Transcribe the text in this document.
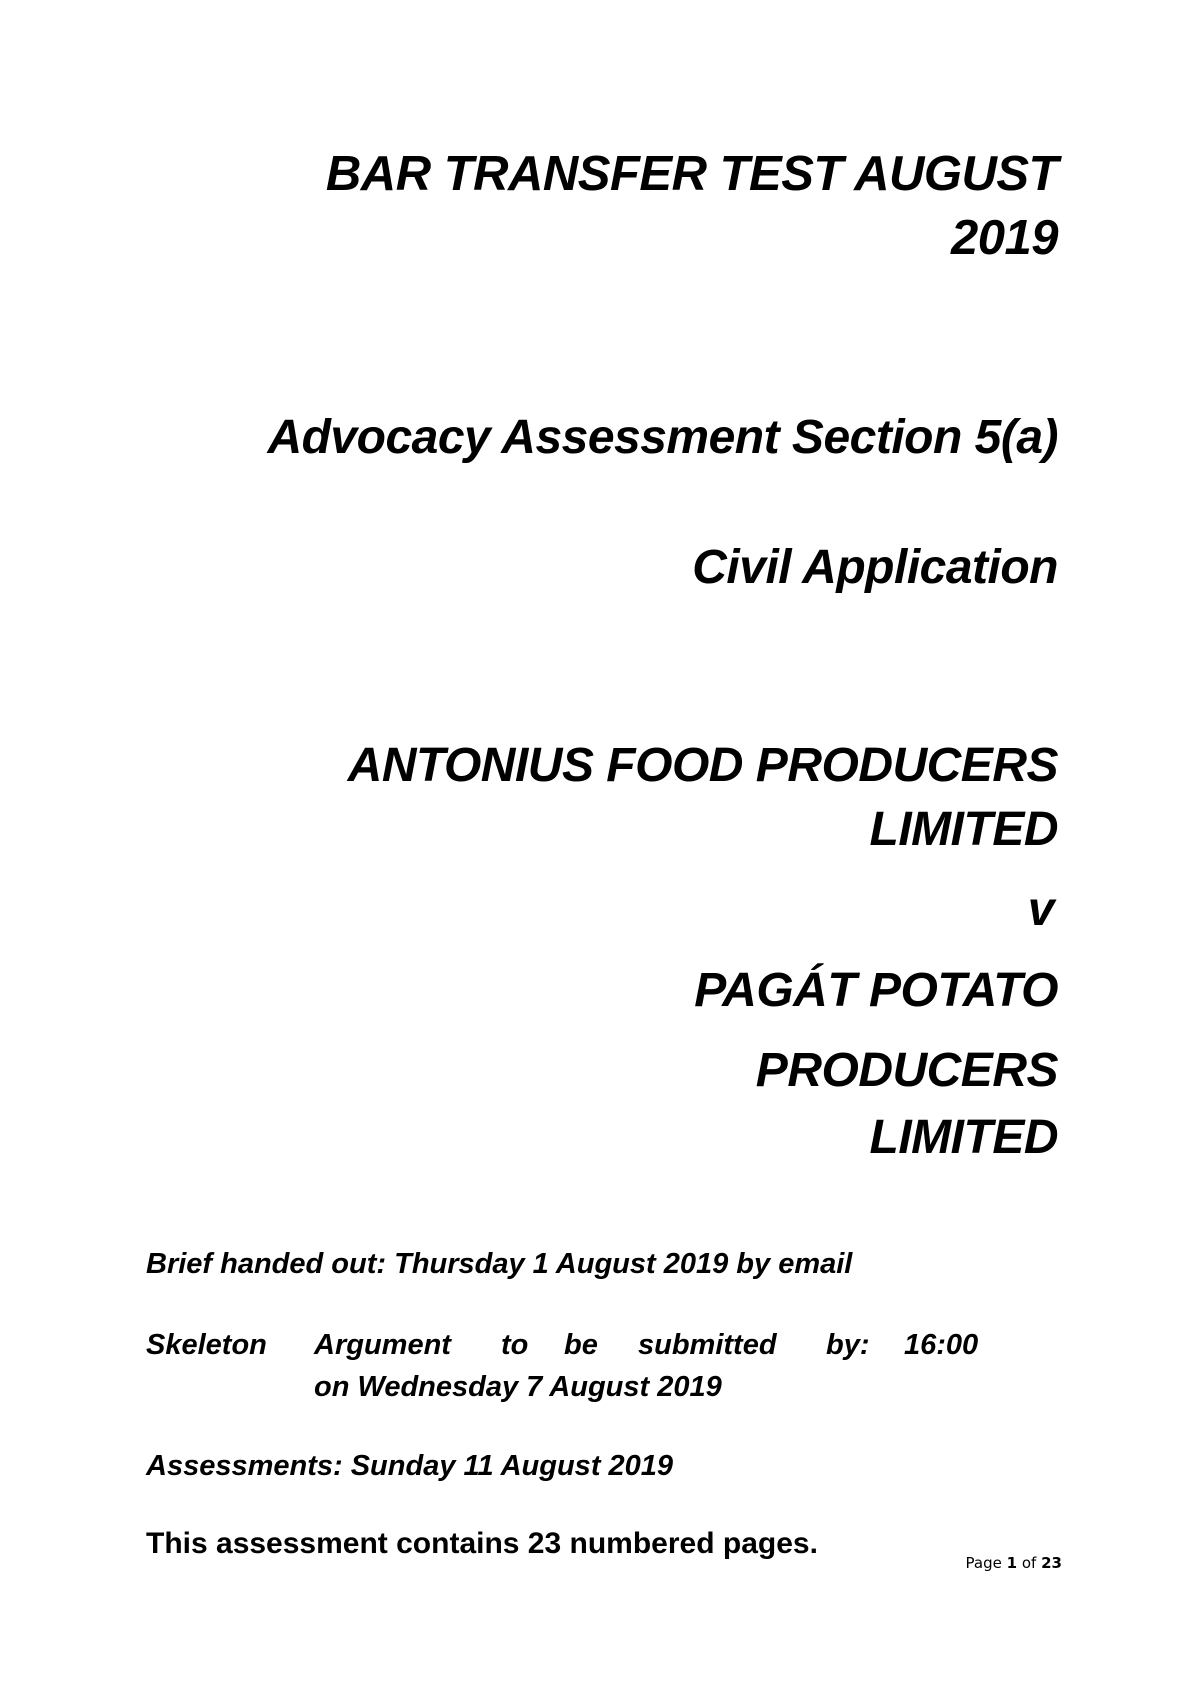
BAR TRANSFER TEST AUGUST
2019
Advocacy Assessment Section 5(a)
Civil Application
ANTONIUS FOOD PRODUCERS
LIMITED
v
PAGÁT POTATO
PRODUCERS
LIMITED

Brief handed out: Thursday 1 August 2019 by email

Skeleton Argument to be submitted by: 16:00

on Wednesday 7 August 2019

Assessments: Sunday 11 August 2019

This assessment contains 23 numbered pages.

Page 1 of 23
